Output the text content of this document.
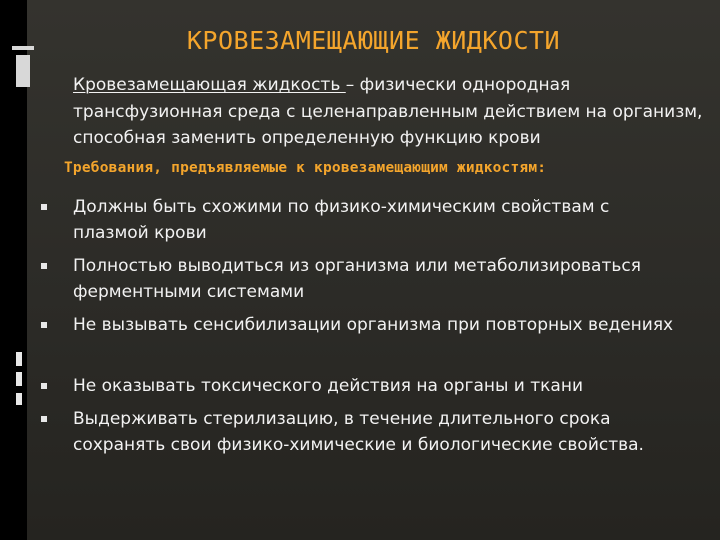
КРОВЕЗАМЕЩАЮЩИЕ ЖИДКОСТИ
Кровезамещающая жидкость – физически однородная трансфузионная среда с целенаправленным действием на организм, способная заменить определенную функцию крови
Требования, предъявляемые к кровезамещающим жидкостям:
Должны быть схожими по физико-химическим свойствам с плазмой крови
Полностью выводиться из организма или метаболизироваться ферментными системами
Не вызывать сенсибилизации организма при повторных ведениях
Не оказывать токсического действия на органы и ткани
Выдерживать стерилизацию, в течение длительного срока сохранять свои физико-химические и биологические свойства.
